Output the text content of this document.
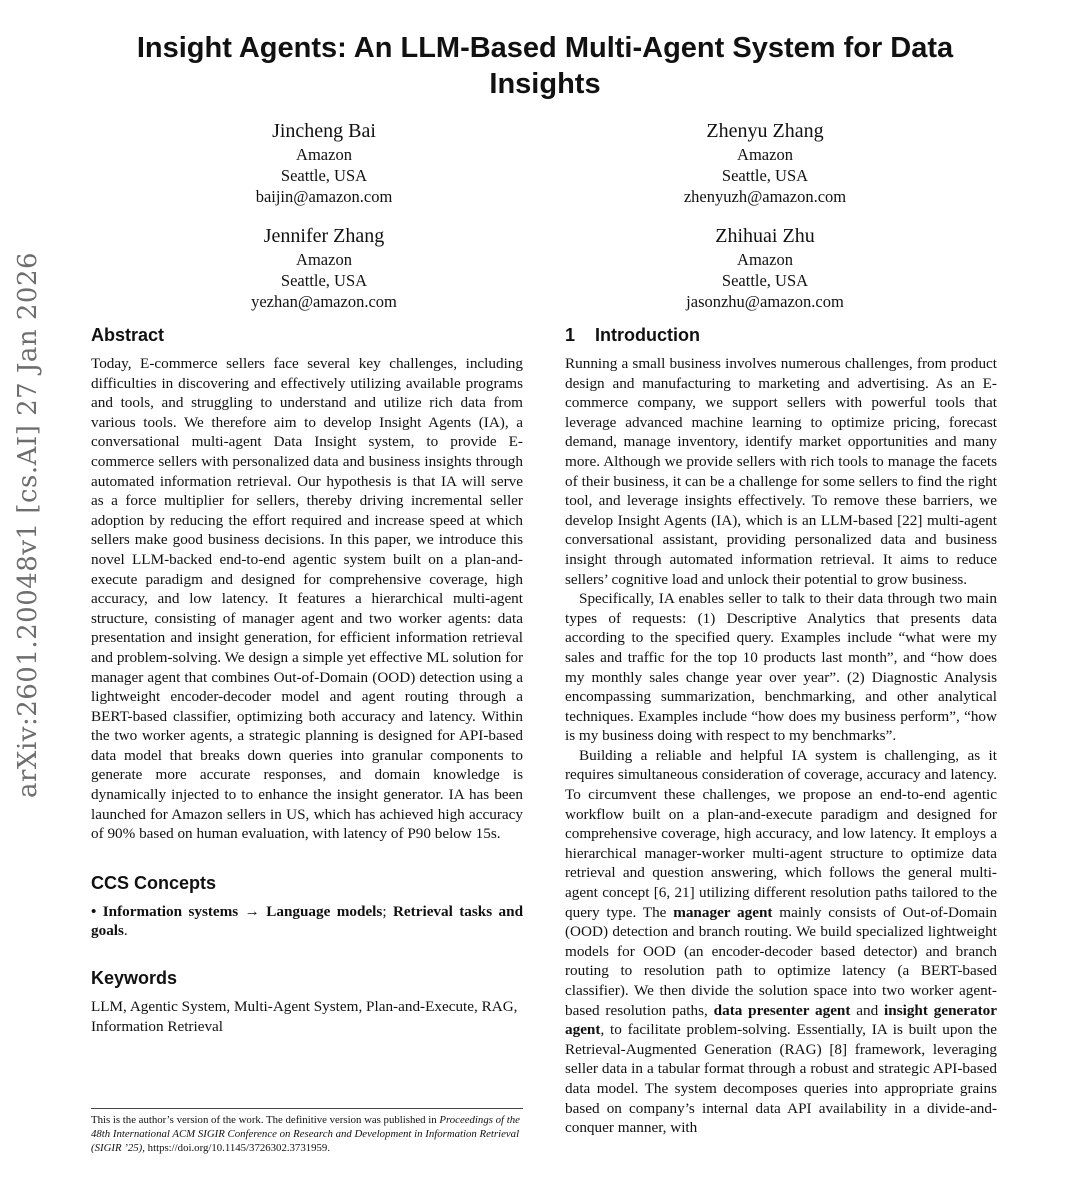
arXiv:2601.20048v1 [cs.AI] 27 Jan 2026
Insight Agents: An LLM-Based Multi-Agent System for Data Insights
Jincheng Bai
Amazon
Seattle, USA
baijin@amazon.com
Zhenyu Zhang
Amazon
Seattle, USA
zhenyuzh@amazon.com
Jennifer Zhang
Amazon
Seattle, USA
yezhan@amazon.com
Zhihuai Zhu
Amazon
Seattle, USA
jasonzhu@amazon.com
Abstract

Today, E-commerce sellers face several key challenges, including difficulties in discovering and effectively utilizing available programs and tools, and struggling to understand and utilize rich data from various tools. We therefore aim to develop Insight Agents (IA), a conversational multi-agent Data Insight system, to provide E-commerce sellers with personalized data and business insights through automated information retrieval. Our hypothesis is that IA will serve as a force multiplier for sellers, thereby driving incremental seller adoption by reducing the effort required and increase speed at which sellers make good business decisions. In this paper, we introduce this novel LLM-backed end-to-end agentic system built on a plan-and-execute paradigm and designed for comprehensive coverage, high accuracy, and low latency. It features a hierarchical multi-agent structure, consisting of manager agent and two worker agents: data presentation and insight generation, for efficient information retrieval and problem-solving. We design a simple yet effective ML solution for manager agent that combines Out-of-Domain (OOD) detection using a lightweight encoder-decoder model and agent routing through a BERT-based classifier, optimizing both accuracy and latency. Within the two worker agents, a strategic planning is designed for API-based data model that breaks down queries into granular components to generate more accurate responses, and domain knowledge is dynamically injected to to enhance the insight generator. IA has been launched for Amazon sellers in US, which has achieved high accuracy of 90% based on human evaluation, with latency of P90 below 15s.

CCS Concepts

• Information systems → Language models; Retrieval tasks and goals.

Keywords

LLM, Agentic System, Multi-Agent System, Plan-and-Execute, RAG, Information Retrieval

This is the author’s version of the work. The definitive version was published in Proceedings of the 48th International ACM SIGIR Conference on Research and Development in Information Retrieval (SIGIR ’25), https://doi.org/10.1145/3726302.3731959.
1    Introduction

Running a small business involves numerous challenges, from product design and manufacturing to marketing and advertising. As an E-commerce company, we support sellers with powerful tools that leverage advanced machine learning to optimize pricing, forecast demand, manage inventory, identify market opportunities and many more. Although we provide sellers with rich tools to manage the facets of their business, it can be a challenge for some sellers to find the right tool, and leverage insights effectively. To remove these barriers, we develop Insight Agents (IA), which is an LLM-based [22] multi-agent conversational assistant, providing personalized data and business insight through automated information retrieval. It aims to reduce sellers’ cognitive load and unlock their potential to grow business.

Specifically, IA enables seller to talk to their data through two main types of requests: (1) Descriptive Analytics that presents data according to the specified query. Examples include “what were my sales and traffic for the top 10 products last month”, and “how does my monthly sales change year over year”. (2) Diagnostic Analysis encompassing summarization, benchmarking, and other analytical techniques. Examples include “how does my business perform”, “how is my business doing with respect to my benchmarks”.

Building a reliable and helpful IA system is challenging, as it requires simultaneous consideration of coverage, accuracy and latency. To circumvent these challenges, we propose an end-to-end agentic workflow built on a plan-and-execute paradigm and designed for comprehensive coverage, high accuracy, and low latency. It employs a hierarchical manager-worker multi-agent structure to optimize data retrieval and question answering, which follows the general multi-agent concept [6, 21] utilizing different resolution paths tailored to the query type. The manager agent mainly consists of Out-of-Domain (OOD) detection and branch routing. We build specialized lightweight models for OOD (an encoder-decoder based detector) and branch routing to resolution path to optimize latency (a BERT-based classifier). We then divide the solution space into two worker agent-based resolution paths, data presenter agent and insight generator agent, to facilitate problem-solving. Essentially, IA is built upon the Retrieval-Augmented Generation (RAG) [8] framework, leveraging seller data in a tabular format through a robust and strategic API-based data model. The system decomposes queries into appropriate grains based on company’s internal data API availability in a divide-and-conquer manner, with
